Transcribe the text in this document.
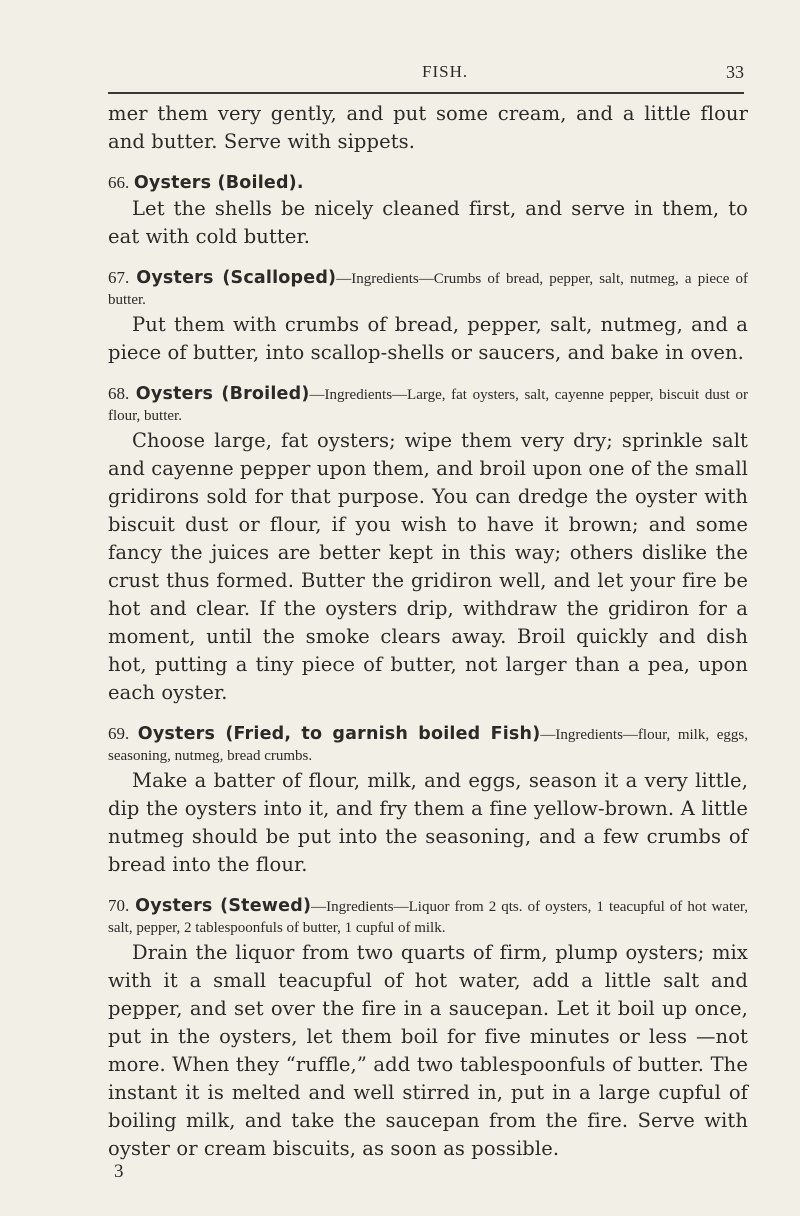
FISH.	33

mer them very gently, and put some cream, and a little flour and butter. Serve with sippets.

66. Oysters (Boiled).

Let the shells be nicely cleaned first, and serve in them, to eat with cold butter.

67. Oysters (Scalloped)—Ingredients—Crumbs of bread, pepper, salt, nutmeg, a piece of butter.

Put them with crumbs of bread, pepper, salt, nutmeg, and a piece of butter, into scallop-shells or saucers, and bake in oven.

68. Oysters (Broiled)—Ingredients—Large, fat oysters, salt, cayenne pepper, biscuit dust or flour, butter.

Choose large, fat oysters; wipe them very dry; sprinkle salt and cayenne pepper upon them, and broil upon one of the small gridirons sold for that purpose. You can dredge the oyster with biscuit dust or flour, if you wish to have it brown; and some fancy the juices are better kept in this way; others dislike the crust thus formed. Butter the gridiron well, and let your fire be hot and clear. If the oysters drip, withdraw the gridiron for a moment, until the smoke clears away. Broil quickly and dish hot, putting a tiny piece of butter, not larger than a pea, upon each oyster.

69. Oysters (Fried, to garnish boiled Fish)—Ingredients—flour, milk, eggs, seasoning, nutmeg, bread crumbs.

Make a batter of flour, milk, and eggs, season it a very little, dip the oysters into it, and fry them a fine yellow-brown. A little nutmeg should be put into the seasoning, and a few crumbs of bread into the flour.

70. Oysters (Stewed)—Ingredients—Liquor from 2 qts. of oysters, 1 teacupful of hot water, salt, pepper, 2 tablespoonfuls of butter, 1 cupful of milk.

Drain the liquor from two quarts of firm, plump oysters; mix with it a small teacupful of hot water, add a little salt and pepper, and set over the fire in a saucepan. Let it boil up once, put in the oysters, let them boil for five minutes or less —not more. When they “ruffle,” add two tablespoonfuls of butter. The instant it is melted and well stirred in, put in a large cupful of boiling milk, and take the saucepan from the fire. Serve with oyster or cream biscuits, as soon as possible.

3
